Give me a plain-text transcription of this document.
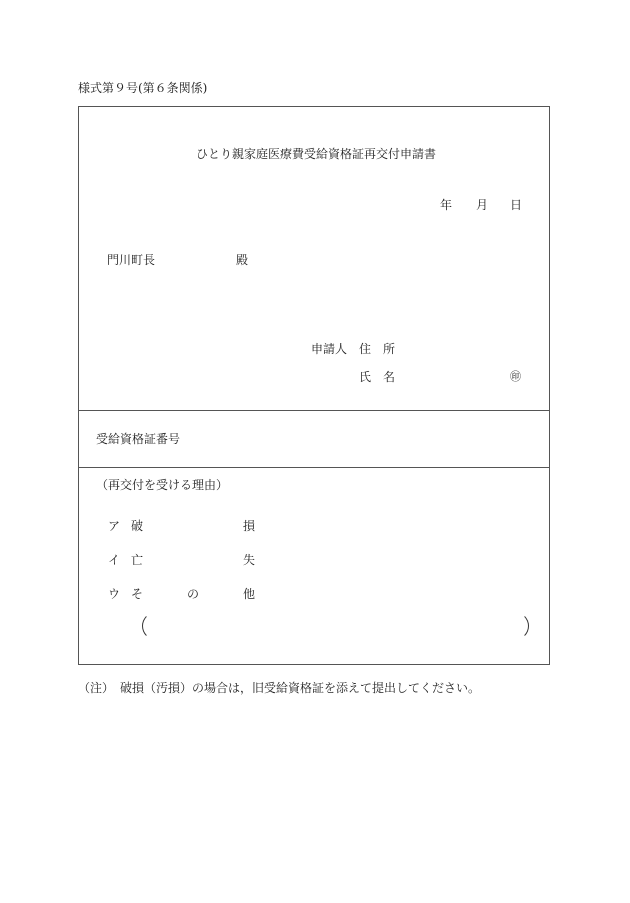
様式第９号(第６条関係)
ひとり親家庭医療費受給資格証再交付申請書
年 月 日
門川町長	殿
申請人 住　所
氏　名	㊞
受給資格証番号
（再交付を受ける理由）
ア 破	損
イ 亡	失
ウ そ	の	他
（注）　破損（汚損）の場合は，旧受給資格証を添えて提出してください。
